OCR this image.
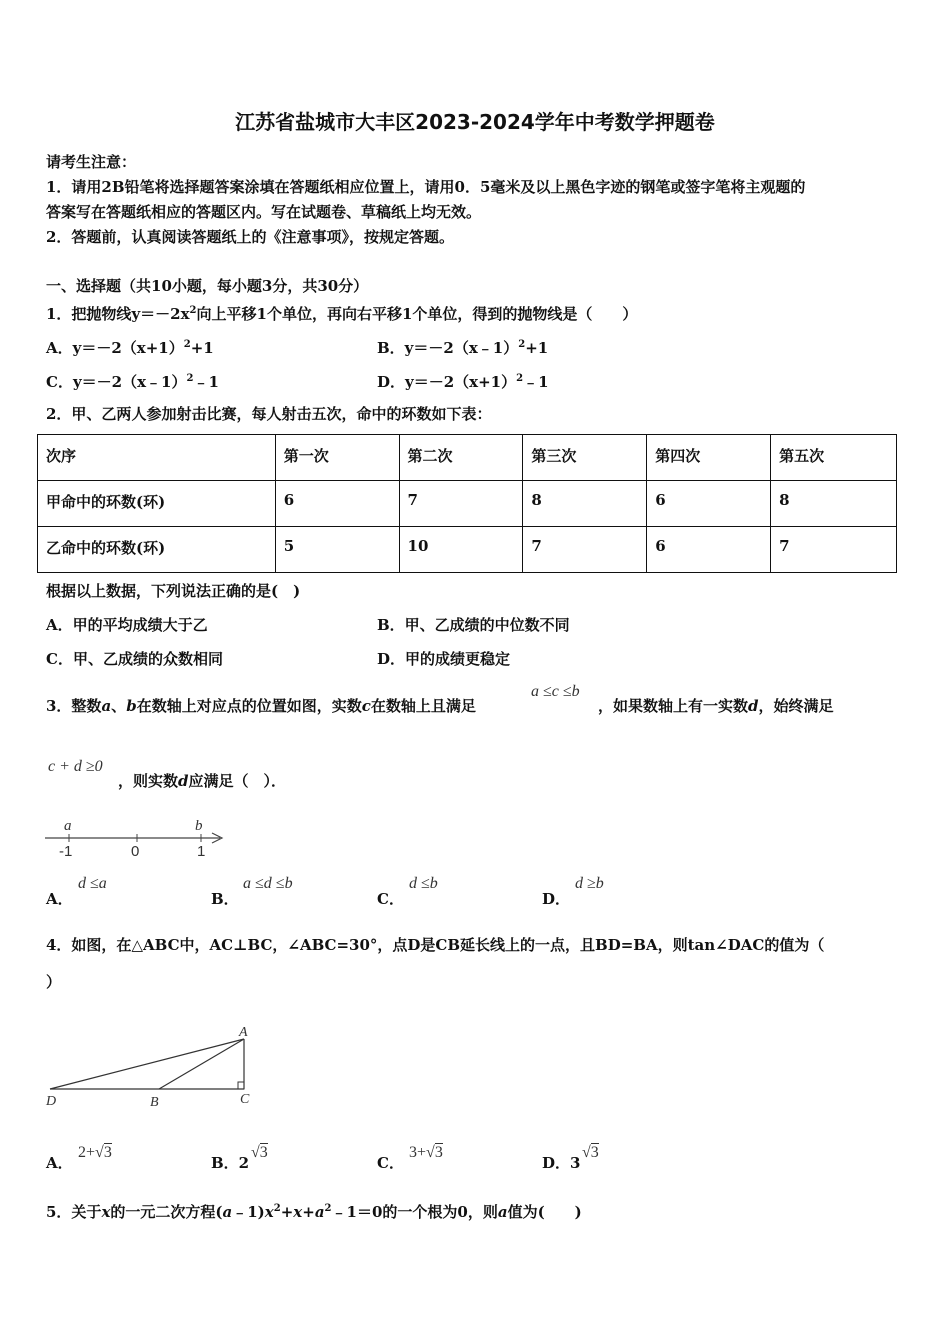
江苏省盐城市大丰区2023-2024学年中考数学押题卷
请考生注意：
1．请用2B铅笔将选择题答案涂填在答题纸相应位置上，请用0．5毫米及以上黑色字迹的钢笔或签字笔将主观题的
答案写在答题纸相应的答题区内。写在试题卷、草稿纸上均无效。
2．答题前，认真阅读答题纸上的《注意事项》，按规定答题。
一、选择题（共10小题，每小题3分，共30分）
1．把抛物线$y=-2x^2$向上平移1个单位，再向右平移1个单位，得到的抛物线是（　　）
A．$y=-2(x+1)^2+1$	B．y＝－2（x﹣1）$^2$+1
C．y＝－2（x﹣1）$^2$﹣1	D．$y=-2(x+1)^2﹣1$
2．甲、乙两人参加射击比赛，每人射击五次，命中的环数如下表：
次序	第一次	第二次	第三次	第四次	第五次
甲命中的环数(环)	6	7	8	6	8
乙命中的环数(环)	5	10	7	6	7
根据以上数据，下列说法正确的是(　)
A．甲的平均成绩大于乙	B．甲、乙成绩的中位数不同
C．甲、乙成绩的众数相同	D．甲的成绩更稳定
3．整数a、b在数轴上对应点的位置如图，实数c在数轴上且满足
a ≤c ≤b
，如果数轴上有一实数d，始终满足
c + d ≥0
，则实数d应满足（　）．
a	b
-1	0	1
A．
d ≤a
B．
a ≤d ≤b
C．
d ≤b
D．
d ≥b
4．如图，在△ABC中，AC⊥BC，∠ABC=30°，点D是CB延长线上的一点，且BD=BA，则tan∠DAC的值为（
）
A
B	C
D
A．
2+√3
B．2
√3
C．
3+√3
D．3
√3
5．关于x的一元二次方程$(a﹣1)x^2+x+a^2﹣1=0$的一个根为0，则a值为(　　)
